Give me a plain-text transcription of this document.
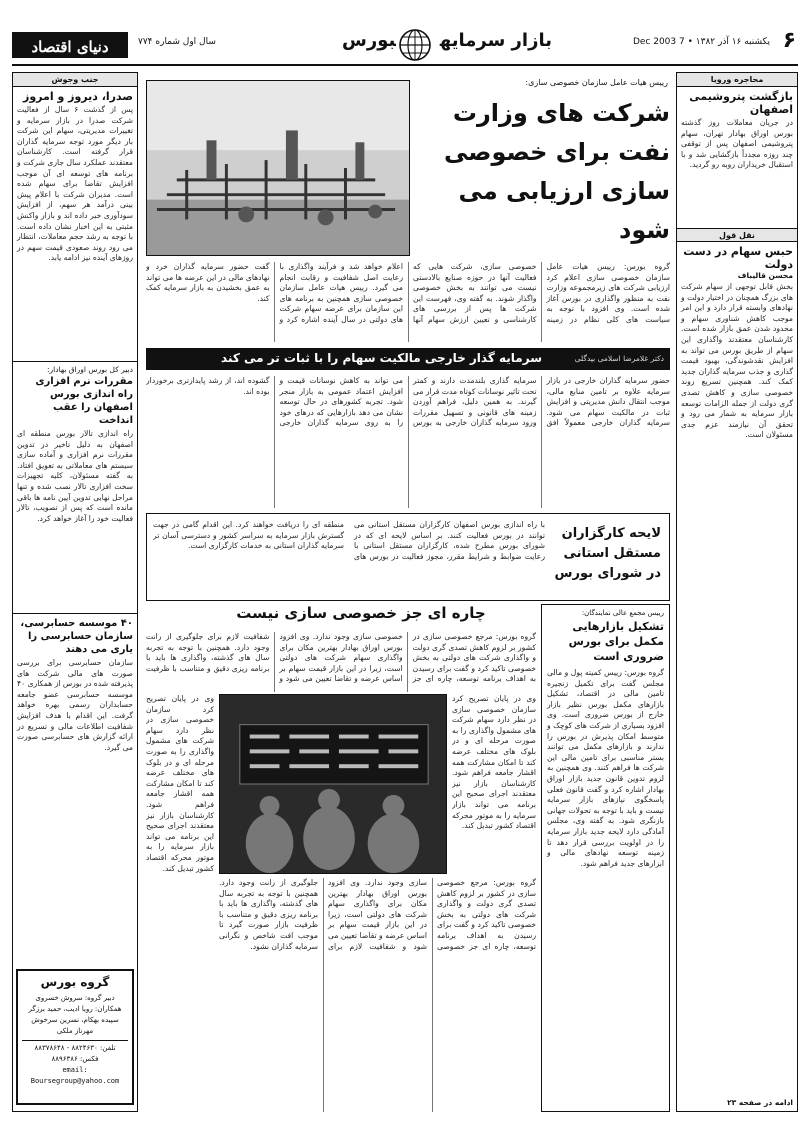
۶
یکشنبه ۱۶ آذر ۱۳۸۲ • 7 Dec 2003
بازار سرمایهبورس
سال اول شماره ۷۷۴
دنیای اقتصاد
جنب وجوش
صدرا، دیروز و امروز
پس از گذشت ۶ سال از فعالیت شرکت صدرا در بازار سرمایه و تغییرات مدیریتی، سهام این شرکت بار دیگر مورد توجه سرمایه گذاران قرار گرفته است. کارشناسان معتقدند عملکرد سال جاری شرکت و برنامه های توسعه ای آن موجب افزایش تقاضا برای سهام شده است. مدیران شرکت با اعلام پیش بینی درآمد هر سهم، از افزایش سودآوری خبر داده اند و بازار واکنش مثبتی به این اخبار نشان داده است. با توجه به رشد حجم معاملات، انتظار می رود روند صعودی قیمت سهم در روزهای آینده نیز ادامه یابد.
دبیر کل بورس اوراق بهادار:
مقررات نرم افزاری راه اندازی بورس اصفهان را عقب انداخت
راه اندازی تالار بورس منطقه ای اصفهان به دلیل تاخیر در تدوین مقررات نرم افزاری و آماده سازی سیستم های معاملاتی به تعویق افتاد. به گفته مسئولان، کلیه تجهیزات سخت افزاری تالار نصب شده و تنها مراحل نهایی تدوین آیین نامه ها باقی مانده است که پس از تصویب، تالار فعالیت خود را آغاز خواهد کرد.
۴۰ موسسه حسابرسی، سازمان حسابرسی را یاری می دهند
سازمان حسابرسی برای بررسی صورت های مالی شرکت های پذیرفته شده در بورس از همکاری ۴۰ موسسه حسابرسی عضو جامعه حسابداران رسمی بهره خواهد گرفت. این اقدام با هدف افزایش شفافیت اطلاعات مالی و تسریع در ارائه گزارش های حسابرسی صورت می گیرد.
گروه بورس
دبیر گروه: سروش خسروی
همکاران: رویا ادیب، حمید برزگر
سپیده بهکام، نسرین سرخوش
مهرناز ملکی
تلفن: ۸۸۲۴۶۳۰ - ۸۸۳۷۸۶۴۸
فکس: ۸۸۹۶۳۸۶
email: Boursegroup@yahoo.com
محاجره ورویا
بازگشت پتروشیمی اصفهان
در جریان معاملات روز گذشته بورس اوراق بهادار تهران، سهام پتروشیمی اصفهان پس از توقفی چند روزه مجدداً بازگشایی شد و با استقبال خریداران روبه رو گردید.
نقل قول
حبس سهام در دست دولت
محسن قالیباف
بخش قابل توجهی از سهام شرکت های بزرگ همچنان در اختیار دولت و نهادهای وابسته قرار دارد و این امر موجب کاهش شناوری سهام و محدود شدن عمق بازار شده است. کارشناسان معتقدند واگذاری این سهام از طریق بورس می تواند به افزایش نقدشوندگی، بهبود قیمت گذاری و جذب سرمایه گذاران جدید کمک کند. همچنین تسریع روند خصوصی سازی و کاهش تصدی گری دولت از جمله الزامات توسعه بازار سرمایه به شمار می رود و تحقق آن نیازمند عزم جدی مسئولان است.
ادامه در صفحه ۲۳
رییس هیات عامل سازمان خصوصی سازی:
شرکت های وزارت نفت برای خصوصی سازی ارزیابی می شود
گروه بورس: رییس هیات عامل سازمان خصوصی سازی اعلام کرد ارزیابی شرکت های زیرمجموعه وزارت نفت به منظور واگذاری در بورس آغاز شده است. وی افزود با توجه به سیاست های کلی نظام در زمینه خصوصی سازی، شرکت هایی که فعالیت آنها در حوزه صنایع بالادستی نیست می توانند به بخش خصوصی واگذار شوند. به گفته وی، فهرست این شرکت ها پس از بررسی های کارشناسی و تعیین ارزش سهام آنها اعلام خواهد شد و فرآیند واگذاری با رعایت اصل شفافیت و رقابت انجام می گیرد. رییس هیات عامل سازمان خصوصی سازی همچنین به برنامه های این سازمان برای عرضه سهام شرکت های دولتی در سال آینده اشاره کرد و گفت حضور سرمایه گذاران خرد و نهادهای مالی در این عرضه ها می تواند به عمق بخشیدن به بازار سرمایه کمک کند.
سرمایه گذار خارجی مالکیت سهام را با ثبات تر می کند	دکتر غلامرضا اسلامی بیدگلی
حضور سرمایه گذاران خارجی در بازار سرمایه علاوه بر تامین منابع مالی، موجب انتقال دانش مدیریتی و افزایش ثبات در مالکیت سهام می شود. سرمایه گذاران خارجی معمولاً افق سرمایه گذاری بلندمدت دارند و کمتر تحت تاثیر نوسانات کوتاه مدت قرار می گیرند. به همین دلیل، فراهم آوردن زمینه های قانونی و تسهیل مقررات ورود سرمایه گذاران خارجی به بورس می تواند به کاهش نوسانات قیمت و افزایش اعتماد عمومی به بازار منجر شود. تجربه کشورهای در حال توسعه نشان می دهد بازارهایی که درهای خود را به روی سرمایه گذاران خارجی گشوده اند، از رشد پایدارتری برخوردار بوده اند.
لایحه کارگزاران مستقل استانی در شورای بورس
با راه اندازی بورس اصفهان کارگزاران مستقل استانی می توانند در بورس فعالیت کنند. بر اساس لایحه ای که در شورای بورس مطرح شده، کارگزاران مستقل استانی با رعایت ضوابط و شرایط مقرر، مجوز فعالیت در بورس های منطقه ای را دریافت خواهند کرد. این اقدام گامی در جهت گسترش بازار سرمایه به سراسر کشور و دسترسی آسان تر سرمایه گذاران استانی به خدمات کارگزاری است.
چاره ای جز خصوصی سازی نیست
گروه بورس: مرجع خصوصی سازی در کشور بر لزوم کاهش تصدی گری دولت و واگذاری شرکت های دولتی به بخش خصوصی تاکید کرد و گفت برای رسیدن به اهداف برنامه توسعه، چاره ای جز خصوصی سازی وجود ندارد. وی افزود بورس اوراق بهادار بهترین مکان برای واگذاری سهام شرکت های دولتی است، زیرا در این بازار قیمت سهام بر اساس عرضه و تقاضا تعیین می شود و شفافیت لازم برای جلوگیری از رانت وجود دارد. همچنین با توجه به تجربه سال های گذشته، واگذاری ها باید با برنامه ریزی دقیق و متناسب با ظرفیت
وی در پایان تصریح کرد سازمان خصوصی سازی در نظر دارد سهام شرکت های مشمول واگذاری را به صورت مرحله ای و در بلوک های مختلف عرضه کند تا امکان مشارکت همه اقشار جامعه فراهم شود. کارشناسان بازار نیز معتقدند اجرای صحیح این برنامه می تواند بازار سرمایه را به موتور محرکه اقتصاد کشور تبدیل کند.
گروه بورس: مرجع خصوصی سازی در کشور بر لزوم کاهش تصدی گری دولت و واگذاری شرکت های دولتی به بخش خصوصی تاکید کرد و گفت برای رسیدن به اهداف برنامه توسعه، چاره ای جز خصوصی سازی وجود ندارد. وی افزود بورس اوراق بهادار بهترین مکان برای واگذاری سهام شرکت های دولتی است، زیرا در این بازار قیمت سهام بر اساس عرضه و تقاضا تعیین می شود و شفافیت لازم برای جلوگیری از رانت وجود دارد. همچنین با توجه به تجربه سال های گذشته، واگذاری ها باید با برنامه ریزی دقیق و متناسب با ظرفیت بازار صورت گیرد تا موجب افت شاخص و نگرانی سرمایه گذاران نشود.
وی در پایان تصریح کرد سازمان خصوصی سازی در نظر دارد سهام شرکت های مشمول واگذاری را به صورت مرحله ای و در بلوک های مختلف عرضه کند تا امکان مشارکت همه اقشار جامعه فراهم شود. کارشناسان بازار نیز معتقدند اجرای صحیح این برنامه می تواند بازار سرمایه را به موتور محرکه اقتصاد کشور تبدیل کند.
رییس مجمع عالی نمایندگان:
تشکیل بازارهایی مکمل برای بورس ضروری است
گروه بورس: رییس کمیته پول و مالی مجلس گفت برای تکمیل زنجیره تامین مالی در اقتصاد، تشکیل بازارهای مکمل بورس نظیر بازار خارج از بورس ضروری است. وی افزود بسیاری از شرکت های کوچک و متوسط امکان پذیرش در بورس را ندارند و بازارهای مکمل می توانند بستر مناسبی برای تامین مالی این شرکت ها فراهم کنند. وی همچنین به لزوم تدوین قانون جدید بازار اوراق بهادار اشاره کرد و گفت قانون فعلی پاسخگوی نیازهای بازار سرمایه نیست و باید با توجه به تحولات جهانی بازنگری شود. به گفته وی، مجلس آمادگی دارد لایحه جدید بازار سرمایه را در اولویت بررسی قرار دهد تا زمینه توسعه نهادهای مالی و ابزارهای جدید فراهم شود.
